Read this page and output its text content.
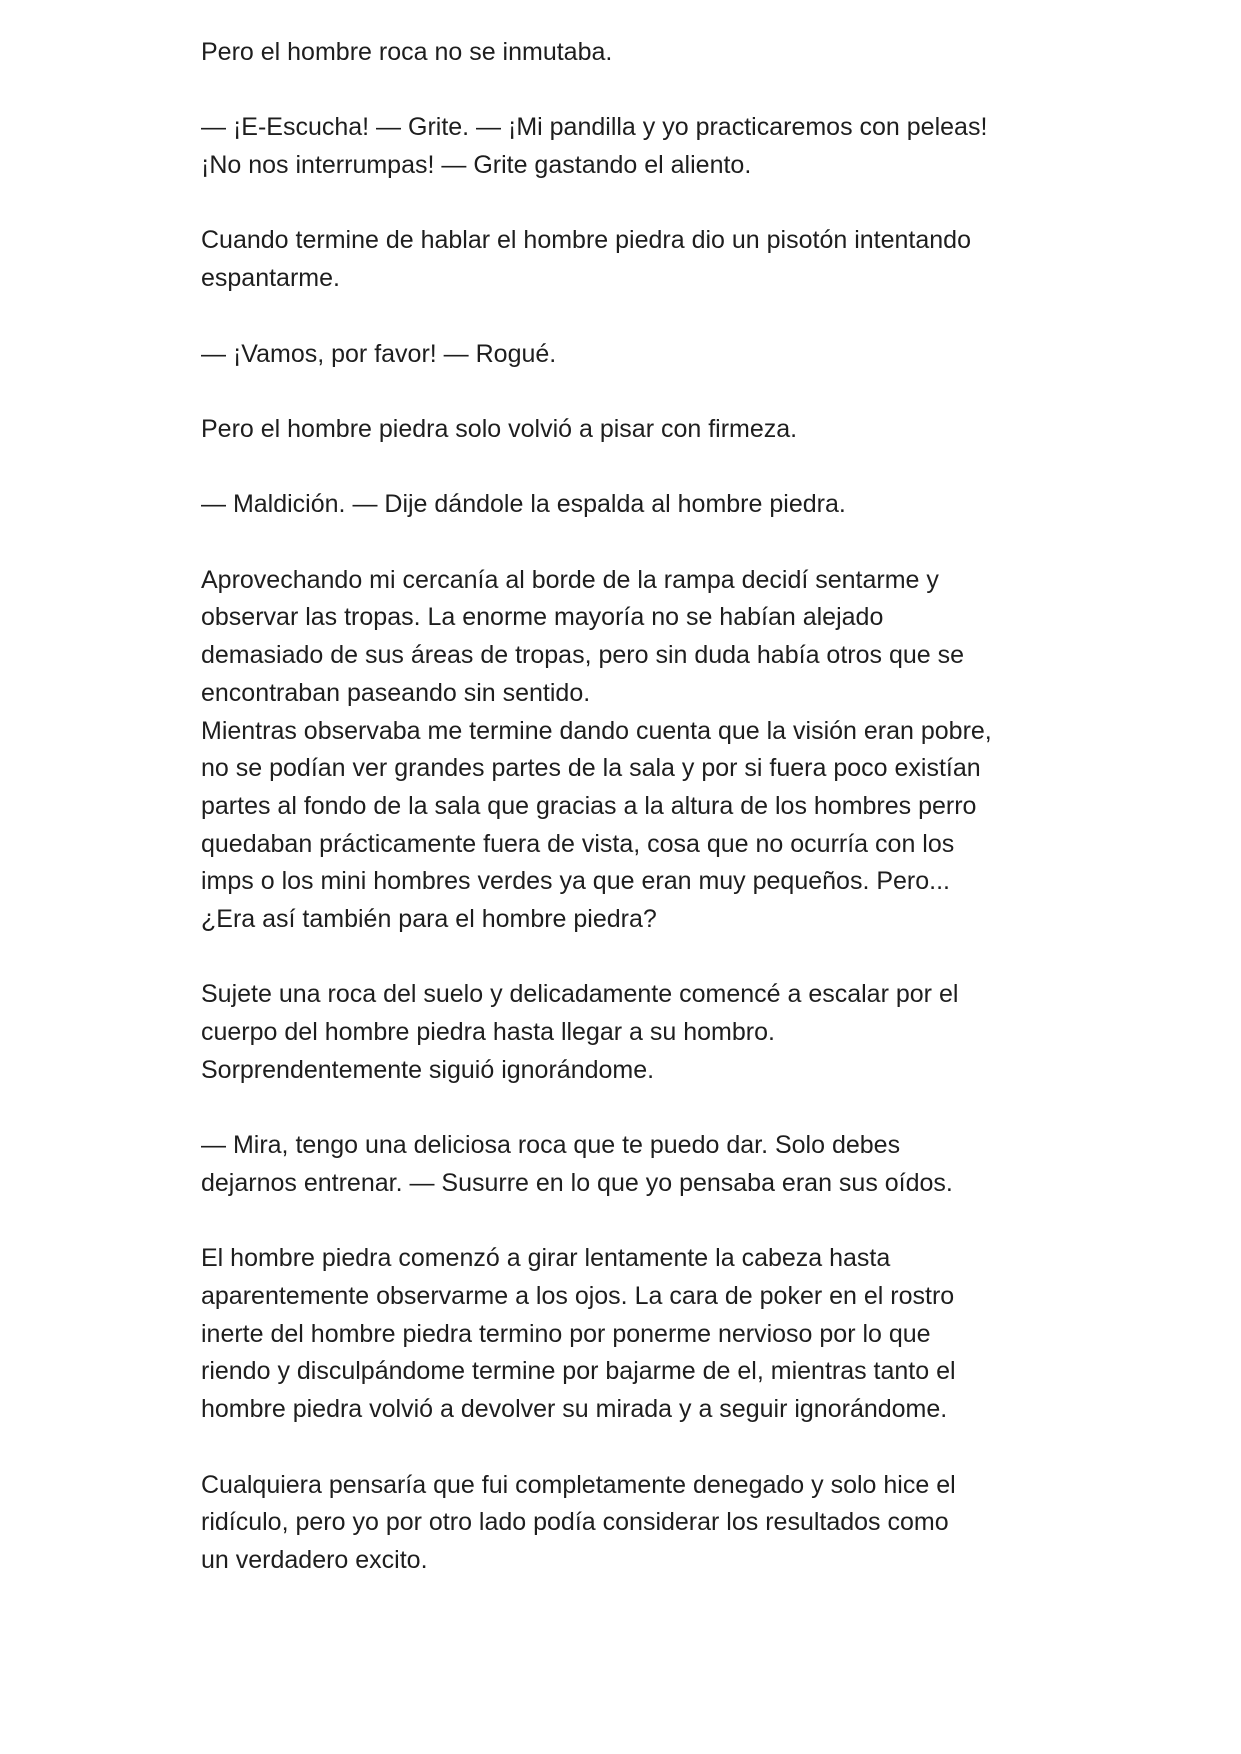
Pero el hombre roca no se inmutaba.

— ¡E-Escucha! — Grite. — ¡Mi pandilla y yo practicaremos con peleas!
¡No nos interrumpas! — Grite gastando el aliento.

Cuando termine de hablar el hombre piedra dio un pisotón intentando
espantarme.

— ¡Vamos, por favor! — Rogué.

Pero el hombre piedra solo volvió a pisar con firmeza.

— Maldición. — Dije dándole la espalda al hombre piedra.

Aprovechando mi cercanía al borde de la rampa decidí sentarme y
observar las tropas. La enorme mayoría no se habían alejado
demasiado de sus áreas de tropas, pero sin duda había otros que se
encontraban paseando sin sentido.

Mientras observaba me termine dando cuenta que la visión eran pobre,
no se podían ver grandes partes de la sala y por si fuera poco existían
partes al fondo de la sala que gracias a la altura de los hombres perro
quedaban prácticamente fuera de vista, cosa que no ocurría con los
imps o los mini hombres verdes ya que eran muy pequeños. Pero...
¿Era así también para el hombre piedra?

Sujete una roca del suelo y delicadamente comencé a escalar por el
cuerpo del hombre piedra hasta llegar a su hombro.
Sorprendentemente siguió ignorándome.

— Mira, tengo una deliciosa roca que te puedo dar. Solo debes
dejarnos entrenar. — Susurre en lo que yo pensaba eran sus oídos.

El hombre piedra comenzó a girar lentamente la cabeza hasta
aparentemente observarme a los ojos. La cara de poker en el rostro
inerte del hombre piedra termino por ponerme nervioso por lo que
riendo y disculpándome termine por bajarme de el, mientras tanto el
hombre piedra volvió a devolver su mirada y a seguir ignorándome.

Cualquiera pensaría que fui completamente denegado y solo hice el
ridículo, pero yo por otro lado podía considerar los resultados como
un verdadero excito.
